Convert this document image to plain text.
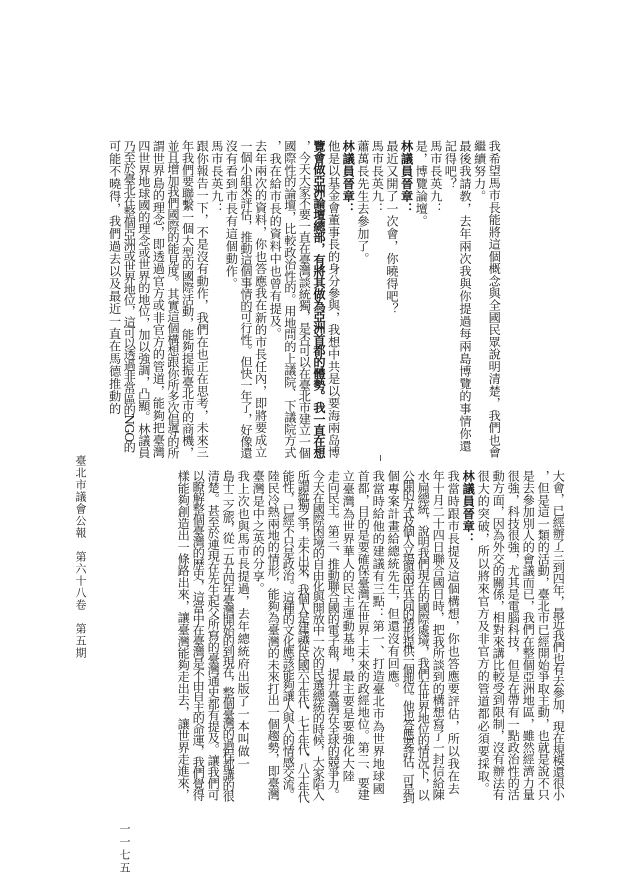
我希望馬市長能將這個概念與全國民眾說明清楚，我們也會
繼續努力。
最後我請教，去年兩次我與你提過每兩島博覽的事情你還
記得吧？
馬市長英九：
是，博覽論壇。
林議員晉章：
最近又開了一次會，你曉得吧？
馬市長英九：
蕭萬長先生去參加了。
林議員晉章：
他是以基金會董事長的身分參與，我想中共是以要海兩岛博
覽會做亞洲論壇總部，有將其做為亞洲首都的體勢。我一直在想
，今天大家不要一直在臺灣談統獨，是否可以在臺北市建立一個
國際性的論壇，比較政治性的。用地問的上議院、下議院方式
，我在給市長的資料中也曾有提及。
去年兩次的資料，你也答應我在新的市長任內，即將要成立
一個小組來評估，推動這個事情的可行性。但快一年了，好像還
沒有看到市長有這個動作。
馬市長英九：
跟你報告一下，不是沒有動作，我們在也正在思考，未來三
年我們要聯繫一個大型的國際活動，能夠提振臺北市的商機，
並且增加我們國際的能見度。其實這個構想跟你所多次倡導的所
謂世界島的理念，即透過官方或非官方的管道，能夠把臺灣
四世界地球國的理念或世界的地位，加以強調，凸顯。林議員
乃至於臺北在整個亞洲或世界地位，這可以透過非常區的NGO的
可能不曉得，我們過去以及最近一直在馬德推動的
大會，已經辦了三到四年，最近我們也有去參加，現在規模還很小
，但是這一類的活動，臺北市已經開始爭取主動，也就是說不只
是去參加別人的會議而已，我們在整個亞洲地區，雖然經濟力量
很強，科技很強，尤其是電腦科技，但是在帶有一點政治性的活
動方面，因為外交的關係，相對來講比較受到限制，沒有辦法有
很大的突破，所以將來官方及非官方的管道都必須要採取。
林議員晉章：
我當時跟市長提及這個構想，你也答應要評估，所以我在去
年十月二十四日聯合國日時，把我所談到的構想寫了一封信給陳
水扁總統，說明我們現在的國際處境，我們在世界地位的情況下，以
公開的方式及個人立場與兩岸共同的情形提供一個地位。他也答應要評估，可是到
個專案計畫給總統先生，但還沒有回應。
我當時給他的建議有三點：第一、打造臺北市為世界地球國
首都，目的是要確保臺灣在世界上未來的政經地位。第二、要建
立臺灣為世界華人的民主運動基地，最主要是要強化大陸
走向民主。第三、推動聯合國的電子報，提升臺灣在全球的競爭力。
今天在國際困境的自由化與開放中一次的民選總統的時候，大家陷入
所謂統獨之爭，走不出來，我個人是建議從民國六十年代、七十年代、八十年代
能性，已經不只是政治。這種的文化應該能夠讓人與人的情感交流。
陸民冷熱兩地的情形，能夠為臺灣的未來打出一個趨勢，即臺灣
臺灣是中之英的分享。
我上次也與馬市長提過，去年總統府出版了一本叫做一
島十二之旅，從一五五四年臺灣開始的到現在，整個臺灣的過程都講的很
清楚。甚至於連現在先生起父所寫的臺灣通史都有提及。讓我們可
以瞭解整個臺灣的歷史，這當中在臺灣是不由自主的命運，我們覺得
樣能夠創造出一條路出來，讓臺灣能夠走出去，讓世界走進來，
臺北市議會公報　第六十八卷　第五期
一一七五
